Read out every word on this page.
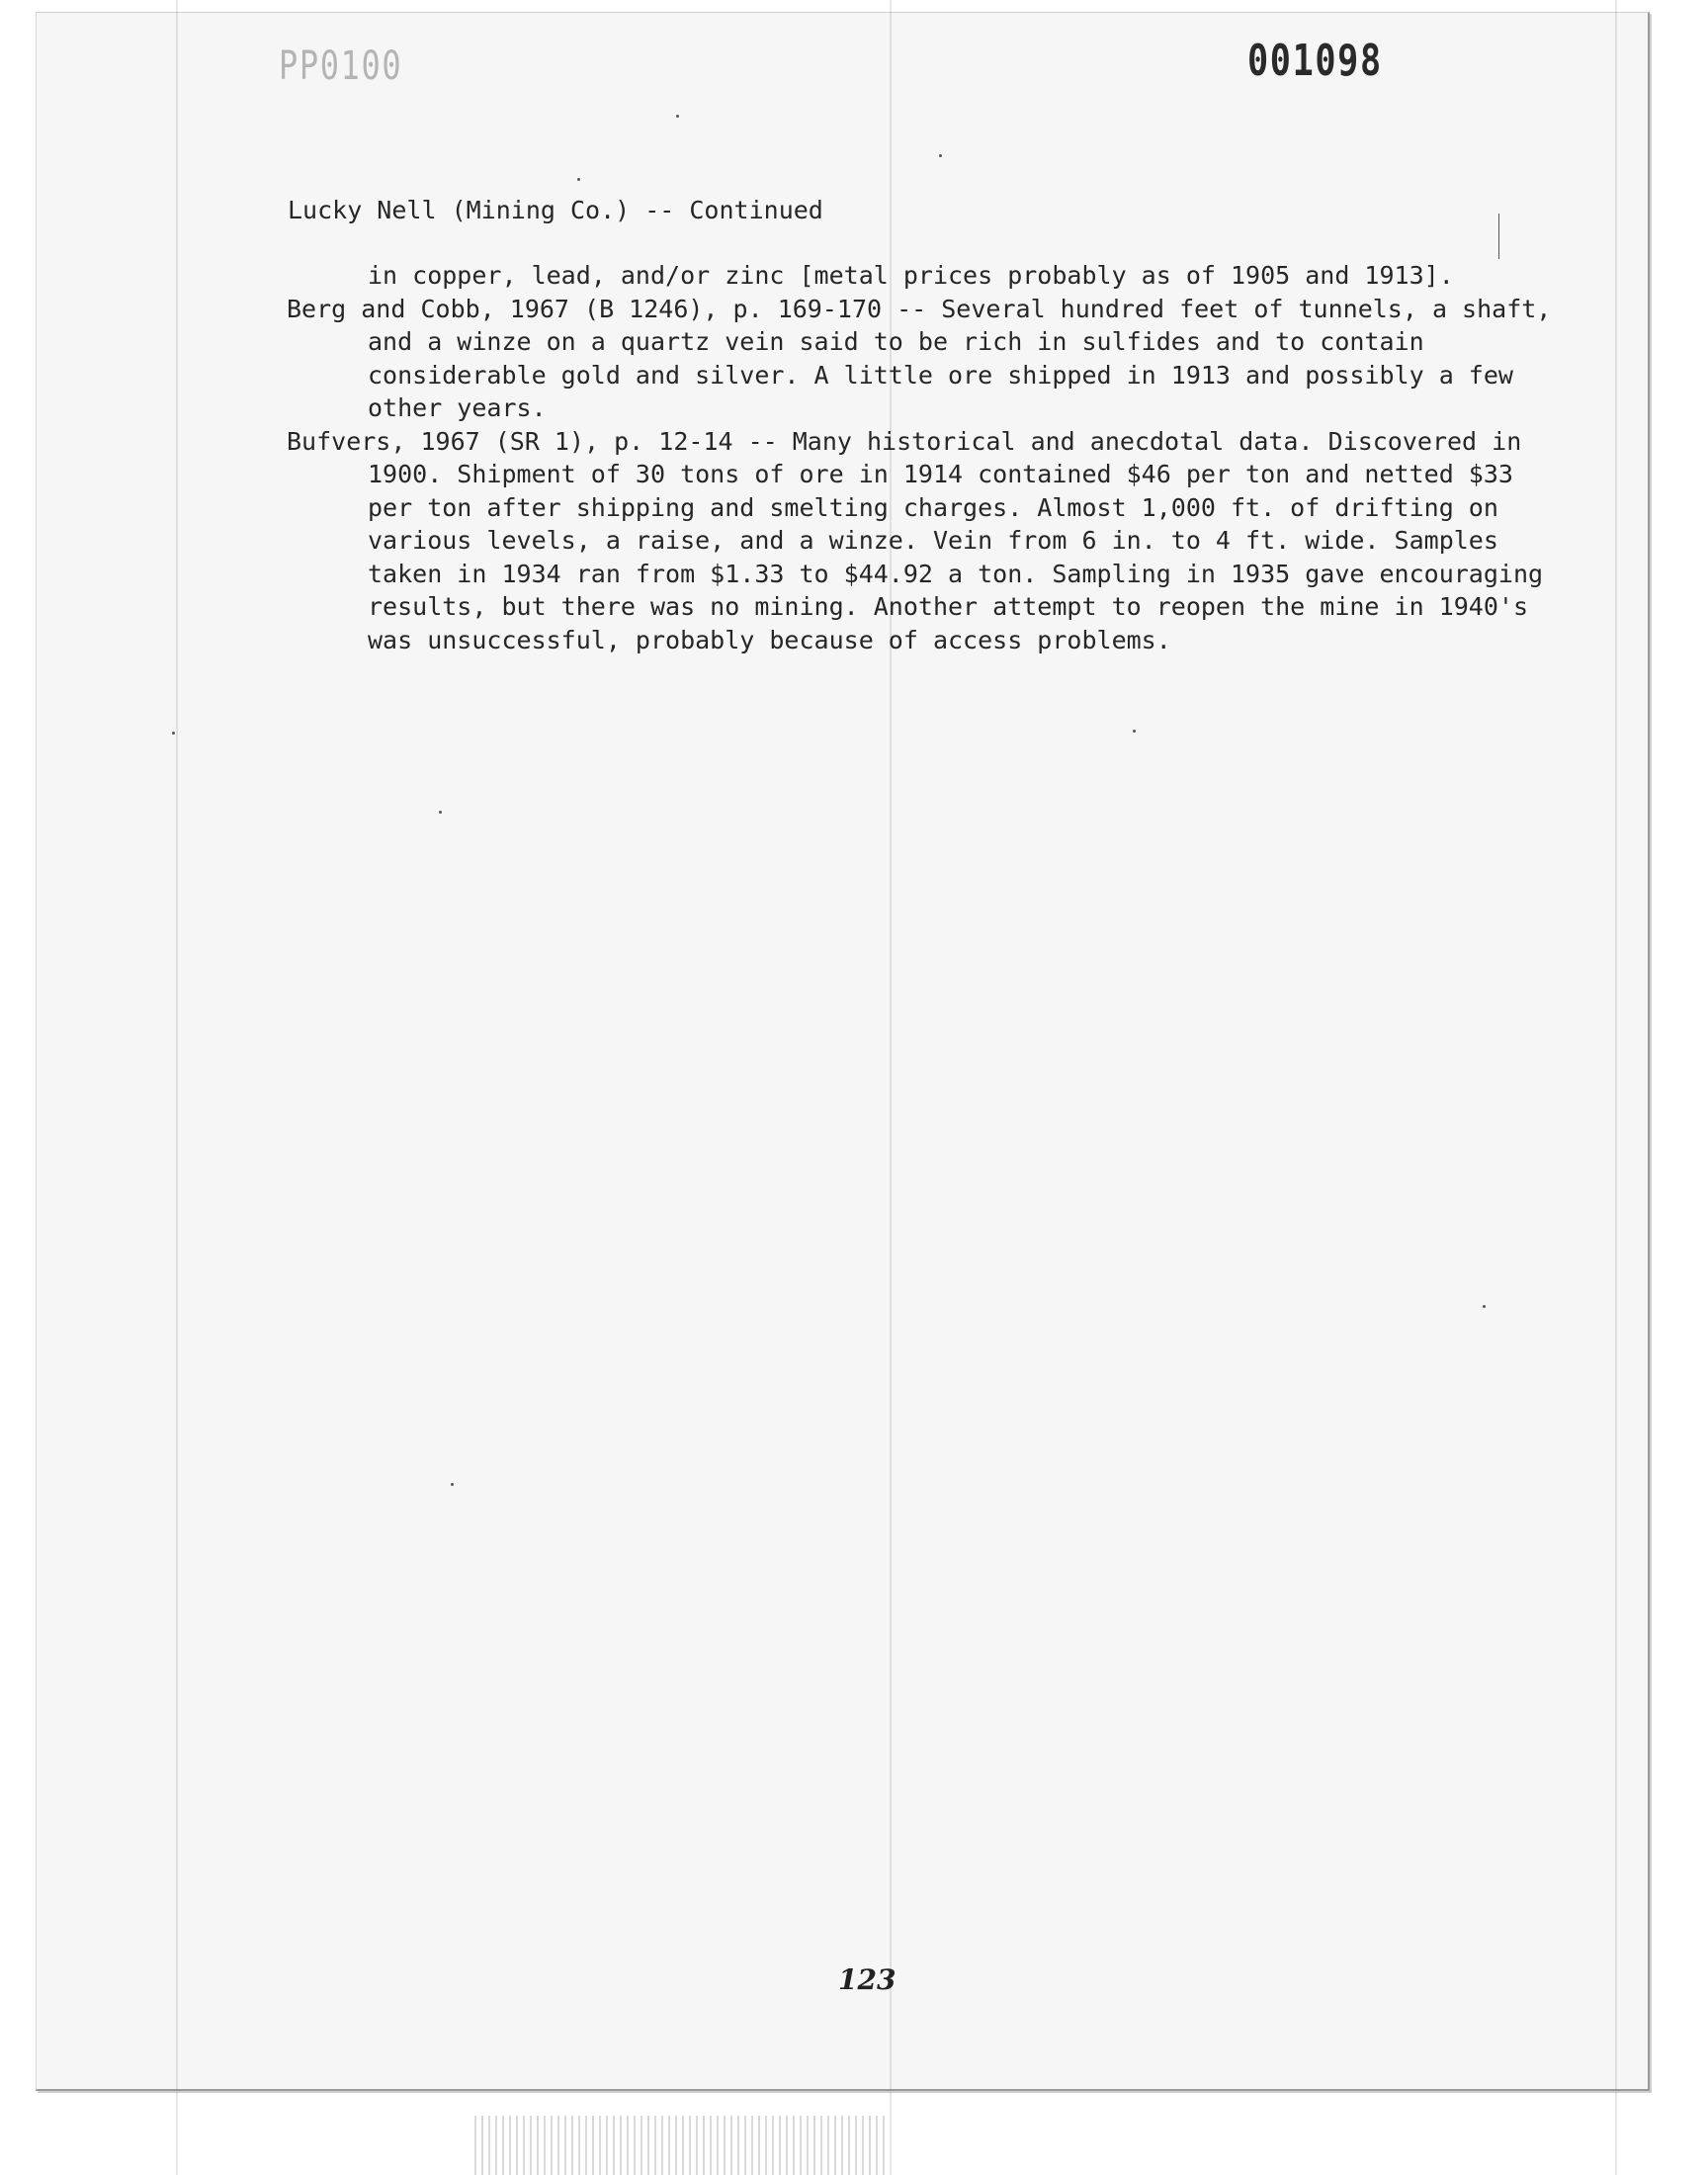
PP0100	001098
Lucky Nell (Mining Co.) -- Continued

in copper, lead, and/or zinc [metal prices probably as of 1905 and 1913].

Berg and Cobb, 1967 (B 1246), p. 169-170 -- Several hundred feet of tunnels, a shaft, and a winze on a quartz vein said to be rich in sulfides and to contain considerable gold and silver. A little ore shipped in 1913 and possibly a few other years.

Bufvers, 1967 (SR 1), p. 12-14 -- Many historical and anecdotal data. Discovered in 1900. Shipment of 30 tons of ore in 1914 contained $46 per ton and netted $33 per ton after shipping and smelting charges. Almost 1,000 ft. of drifting on various levels, a raise, and a winze. Vein from 6 in. to 4 ft. wide. Samples taken in 1934 ran from $1.33 to $44.92 a ton. Sampling in 1935 gave encouraging results, but there was no mining. Another attempt to reopen the mine in 1940's was unsuccessful, probably because of access problems.

123
